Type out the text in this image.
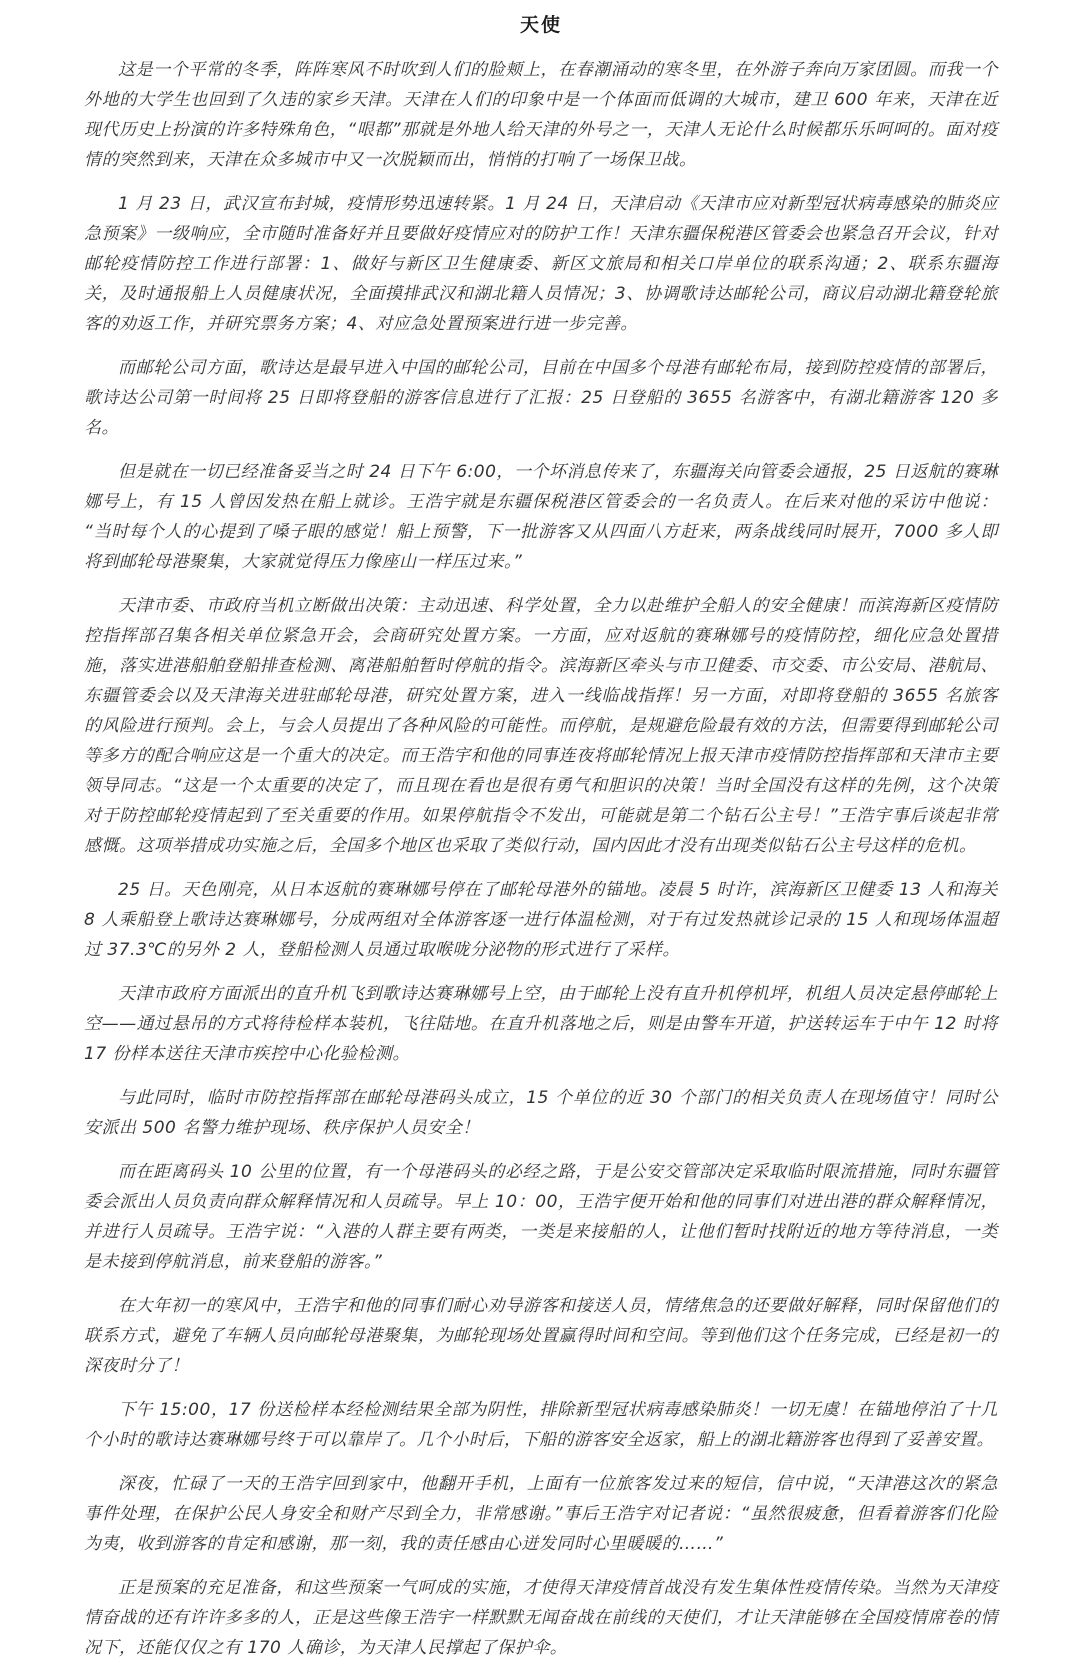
天使

这是一个平常的冬季，阵阵寒风不时吹到人们的脸颊上，在春潮涌动的寒冬里，在外游子奔向万家团圆。而我一个外地的大学生也回到了久违的家乡天津。天津在人们的印象中是一个体面而低调的大城市，建卫 600 年来，天津在近现代历史上扮演的许多特殊角色，“哏都”那就是外地人给天津的外号之一，天津人无论什么时候都乐乐呵呵的。面对疫情的突然到来，天津在众多城市中又一次脱颖而出，悄悄的打响了一场保卫战。

1 月 23 日，武汉宣布封城，疫情形势迅速转紧。1 月 24 日，天津启动《天津市应对新型冠状病毒感染的肺炎应急预案》一级响应，全市随时准备好并且要做好疫情应对的防护工作！天津东疆保税港区管委会也紧急召开会议，针对邮轮疫情防控工作进行部署：1、做好与新区卫生健康委、新区文旅局和相关口岸单位的联系沟通；2、联系东疆海关，及时通报船上人员健康状况，全面摸排武汉和湖北籍人员情况；3、协调歌诗达邮轮公司，商议启动湖北籍登轮旅客的劝返工作，并研究票务方案；4、对应急处置预案进行进一步完善。

而邮轮公司方面，歌诗达是最早进入中国的邮轮公司，目前在中国多个母港有邮轮布局，接到防控疫情的部署后，歌诗达公司第一时间将 25 日即将登船的游客信息进行了汇报：25 日登船的 3655 名游客中，有湖北籍游客 120 多名。

但是就在一切已经准备妥当之时 24 日下午 6:00，一个坏消息传来了，东疆海关向管委会通报，25 日返航的赛琳娜号上，有 15 人曾因发热在船上就诊。王浩宇就是东疆保税港区管委会的一名负责人。在后来对他的采访中他说：“当时每个人的心提到了嗓子眼的感觉！船上预警，下一批游客又从四面八方赶来，两条战线同时展开，7000 多人即将到邮轮母港聚集，大家就觉得压力像座山一样压过来。”

天津市委、市政府当机立断做出决策：主动迅速、科学处置，全力以赴维护全船人的安全健康！而滨海新区疫情防控指挥部召集各相关单位紧急开会，会商研究处置方案。一方面，应对返航的赛琳娜号的疫情防控，细化应急处置措施，落实进港船舶登船排查检测、离港船舶暂时停航的指令。滨海新区牵头与市卫健委、市交委、市公安局、港航局、东疆管委会以及天津海关进驻邮轮母港，研究处置方案，进入一线临战指挥！另一方面，对即将登船的 3655 名旅客的风险进行预判。会上，与会人员提出了各种风险的可能性。而停航，是规避危险最有效的方法，但需要得到邮轮公司等多方的配合响应这是一个重大的决定。而王浩宇和他的同事连夜将邮轮情况上报天津市疫情防控指挥部和天津市主要领导同志。“这是一个太重要的决定了，而且现在看也是很有勇气和胆识的决策！当时全国没有这样的先例，这个决策对于防控邮轮疫情起到了至关重要的作用。如果停航指令不发出，可能就是第二个钻石公主号！”王浩宇事后谈起非常感慨。这项举措成功实施之后，全国多个地区也采取了类似行动，国内因此才没有出现类似钻石公主号这样的危机。

25 日。天色刚亮，从日本返航的赛琳娜号停在了邮轮母港外的锚地。凌晨 5 时许，滨海新区卫健委 13 人和海关 8 人乘船登上歌诗达赛琳娜号，分成两组对全体游客逐一进行体温检测，对于有过发热就诊记录的 15 人和现场体温超过 37.3℃的另外 2 人，登船检测人员通过取喉咙分泌物的形式进行了采样。

天津市政府方面派出的直升机飞到歌诗达赛琳娜号上空，由于邮轮上没有直升机停机坪，机组人员决定悬停邮轮上空——通过悬吊的方式将待检样本装机，飞往陆地。在直升机落地之后，则是由警车开道，护送转运车于中午 12 时将 17 份样本送往天津市疾控中心化验检测。

与此同时，临时市防控指挥部在邮轮母港码头成立，15 个单位的近 30 个部门的相关负责人在现场值守！同时公安派出 500 名警力维护现场、秩序保护人员安全！

而在距离码头 10 公里的位置，有一个母港码头的必经之路，于是公安交管部决定采取临时限流措施，同时东疆管委会派出人员负责向群众解释情况和人员疏导。早上 10：00，王浩宇便开始和他的同事们对进出港的群众解释情况，并进行人员疏导。王浩宇说：“入港的人群主要有两类，一类是来接船的人，让他们暂时找附近的地方等待消息，一类是未接到停航消息，前来登船的游客。”

在大年初一的寒风中，王浩宇和他的同事们耐心劝导游客和接送人员，情绪焦急的还要做好解释，同时保留他们的联系方式，避免了车辆人员向邮轮母港聚集，为邮轮现场处置赢得时间和空间。等到他们这个任务完成，已经是初一的深夜时分了！

下午 15:00，17 份送检样本经检测结果全部为阴性，排除新型冠状病毒感染肺炎！一切无虞！在锚地停泊了十几个小时的歌诗达赛琳娜号终于可以靠岸了。几个小时后，下船的游客安全返家，船上的湖北籍游客也得到了妥善安置。

深夜，忙碌了一天的王浩宇回到家中，他翻开手机，上面有一位旅客发过来的短信，信中说，“天津港这次的紧急事件处理，在保护公民人身安全和财产尽到全力，非常感谢。”事后王浩宇对记者说：“虽然很疲惫，但看着游客们化险为夷，收到游客的肯定和感谢，那一刻，我的责任感由心迸发同时心里暖暖的……”

正是预案的充足准备，和这些预案一气呵成的实施，才使得天津疫情首战没有发生集体性疫情传染。当然为天津疫情奋战的还有许许多多的人，正是这些像王浩宇一样默默无闻奋战在前线的天使们，才让天津能够在全国疫情席卷的情况下，还能仅仅之有 170 人确诊，为天津人民撑起了保护伞。
